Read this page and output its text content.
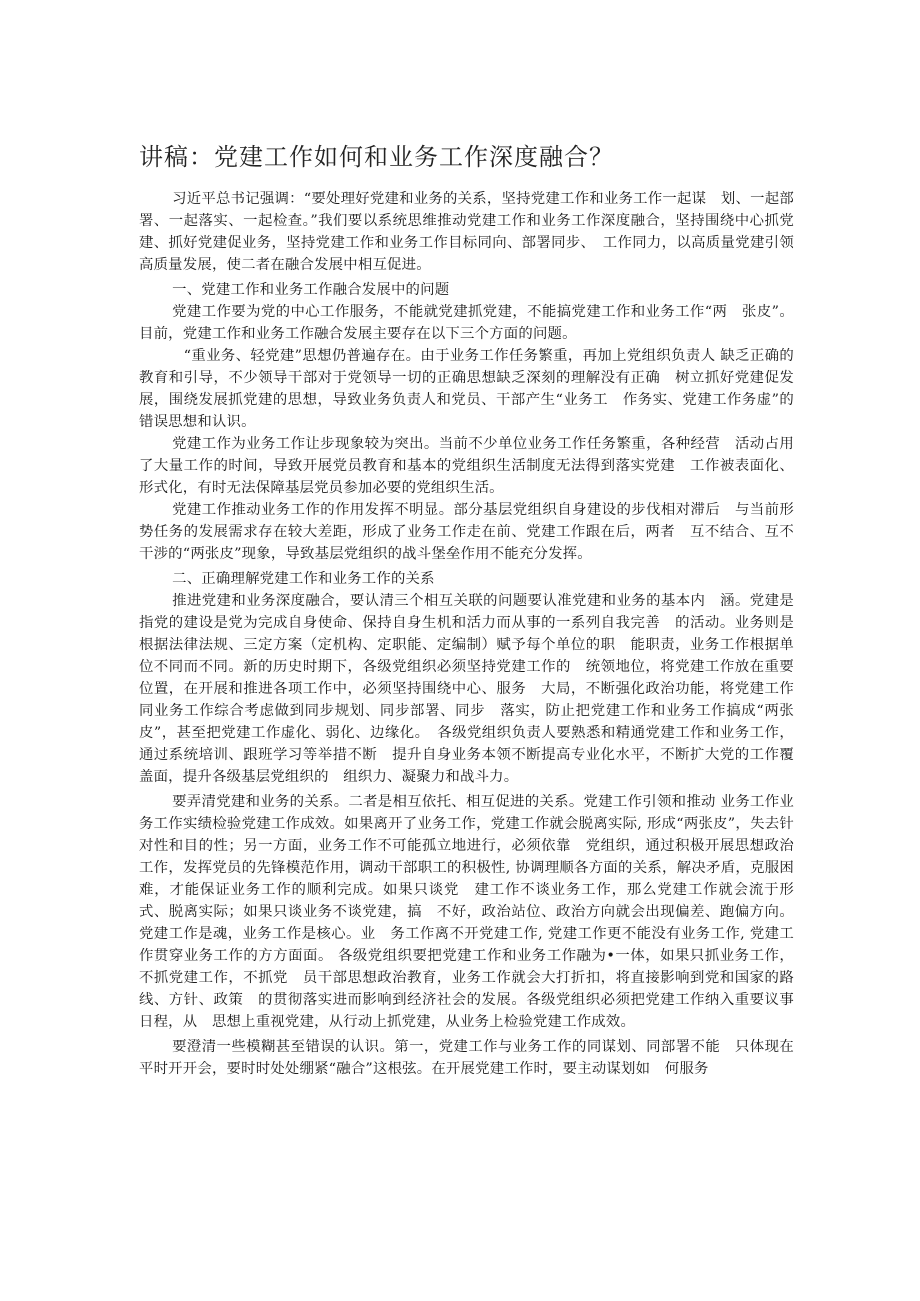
讲稿：党建工作如何和业务工作深度融合？

习近平总书记强调：“要处理好党建和业务的关系，坚持党建工作和业务工作一起谋　划、一起部署、一起落实、一起检查。”我们要以系统思维推动党建工作和业务工作深度融合，坚持围绕中心抓党建、抓好党建促业务，坚持党建工作和业务工作目标同向、部署同步、　工作同力，以高质量党建引领高质量发展，使二者在融合发展中相互促进。

一、党建工作和业务工作融合发展中的问题

党建工作要为党的中心工作服务，不能就党建抓党建，不能搞党建工作和业务工作“两　张皮”。目前，党建工作和业务工作融合发展主要存在以下三个方面的问题。

“重业务、轻党建”思想仍普遍存在。由于业务工作任务繁重，再加上党组织负责人 缺乏正确的教育和引导，不少领导干部对于党领导一切的正确思想缺乏深刻的理解没有正确　树立抓好党建促发展，围绕发展抓党建的思想，导致业务负责人和党员、干部产生“业务工　作务实、党建工作务虚”的错误思想和认识。

党建工作为业务工作让步现象较为突出。当前不少单位业务工作任务繁重，各种经营　活动占用了大量工作的时间，导致开展党员教育和基本的党组织生活制度无法得到落实党建　工作被表面化、形式化，有时无法保障基层党员参加必要的党组织生活。

党建工作推动业务工作的作用发挥不明显。部分基层党组织自身建设的步伐相对滞后　与当前形势任务的发展需求存在较大差距，形成了业务工作走在前、党建工作跟在后，两者　互不结合、互不干涉的“两张皮”现象，导致基层党组织的战斗堡垒作用不能充分发挥。

二、正确理解党建工作和业务工作的关系

推进党建和业务深度融合，要认清三个相互关联的问题要认准党建和业务的基本内　涵。党建是指党的建设是党为完成自身使命、保持自身生机和活力而从事的一系列自我完善　的活动。业务则是根据法律法规、三定方案（定机构、定职能、定编制）赋予每个单位的职　能职责，业务工作根据单位不同而不同。新的历史时期下，各级党组织必须坚持党建工作的　统领地位，将党建工作放在重要位置，在开展和推进各项工作中，必须坚持围绕中心、服务　大局，不断强化政治功能，将党建工作同业务工作综合考虑做到同步规划、同步部署、同步　落实，防止把党建工作和业务工作搞成“两张皮”，甚至把党建工作虚化、弱化、边缘化。　各级党组织负责人要熟悉和精通党建工作和业务工作，通过系统培训、跟班学习等举措不断　提升自身业务本领不断提高专业化水平，不断扩大党的工作覆盖面，提升各级基层党组织的　组织力、凝聚力和战斗力。

要弄清党建和业务的关系。二者是相互依托、相互促进的关系。党建工作引领和推动 业务工作业务工作实绩检验党建工作成效。如果离开了业务工作，党建工作就会脱离实际, 形成“两张皮”，失去针对性和目的性；另一方面，业务工作不可能孤立地进行，必须依靠　党组织，通过积极开展思想政治工作，发挥党员的先锋模范作用，调动干部职工的积极性, 协调理顺各方面的关系，解决矛盾，克服困难，才能保证业务工作的顺利完成。如果只谈党　建工作不谈业务工作，那么党建工作就会流于形式、脱离实际；如果只谈业务不谈党建，搞　不好，政治站位、政治方向就会出现偏差、跑偏方向。党建工作是魂，业务工作是核心。业　务工作离不开党建工作, 党建工作更不能没有业务工作, 党建工作贯穿业务工作的方方面面。 各级党组织要把党建工作和业务工作融为•一体，如果只抓业务工作，不抓党建工作，不抓党　员干部思想政治教育，业务工作就会大打折扣，将直接影响到党和国家的路线、方针、政策　的贯彻落实进而影响到经济社会的发展。各级党组织必须把党建工作纳入重要议事日程，从　思想上重视党建，从行动上抓党建，从业务上检验党建工作成效。

要澄清一些模糊甚至错误的认识。第一，党建工作与业务工作的同谋划、同部署不能　只体现在平时开开会，要时时处处绷紧“融合”这根弦。在开展党建工作时，要主动谋划如　何服务
